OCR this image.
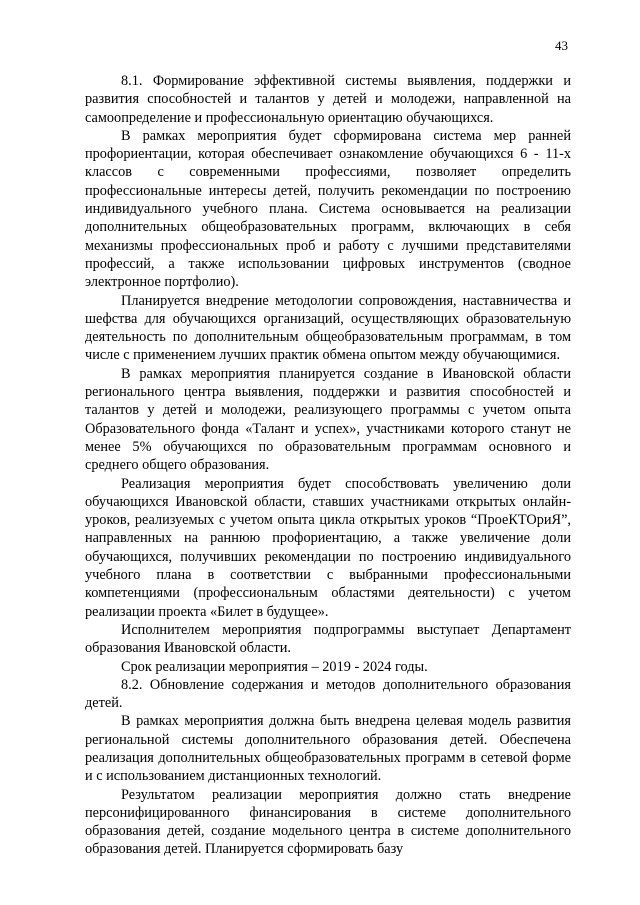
43

8.1. Формирование эффективной системы выявления, поддержки и развития способностей и талантов у детей и молодежи, направленной на самоопределение и профессиональную ориентацию обучающихся.

В рамках мероприятия будет сформирована система мер ранней профориентации, которая обеспечивает ознакомление обучающихся 6 - 11-х классов с современными профессиями, позволяет определить профессиональные интересы детей, получить рекомендации по построению индивидуального учебного плана. Система основывается на реализации дополнительных общеобразовательных программ, включающих в себя механизмы профессиональных проб и работу с лучшими представителями профессий, а также использовании цифровых инструментов (сводное электронное портфолио).

Планируется внедрение методологии сопровождения, наставничества и шефства для обучающихся организаций, осуществляющих образовательную деятельность по дополнительным общеобразовательным программам, в том числе с применением лучших практик обмена опытом между обучающимися.

В рамках мероприятия планируется создание в Ивановской области регионального центра выявления, поддержки и развития способностей и талантов у детей и молодежи, реализующего программы с учетом опыта Образовательного фонда «Талант и успех», участниками которого станут не менее 5% обучающихся по образовательным программам основного и среднего общего образования.

Реализация мероприятия будет способствовать увеличению доли обучающихся Ивановской области, ставших участниками открытых онлайн-уроков, реализуемых с учетом опыта цикла открытых уроков “ПроеКТОриЯ”, направленных на раннюю профориентацию, а также увеличение доли обучающихся, получивших рекомендации по построению индивидуального учебного плана в соответствии с выбранными профессиональными компетенциями (профессиональным областями деятельности) с учетом реализации проекта «Билет в будущее».

Исполнителем мероприятия подпрограммы выступает Департамент образования Ивановской области.

Срок реализации мероприятия – 2019 - 2024 годы.

8.2. Обновление содержания и методов дополнительного образования детей.

В рамках мероприятия должна быть внедрена целевая модель развития региональной системы дополнительного образования детей. Обеспечена реализация дополнительных общеобразовательных программ в сетевой форме и с использованием дистанционных технологий.

Результатом реализации мероприятия должно стать внедрение персонифицированного финансирования в системе дополнительного образования детей, создание модельного центра в системе дополнительного образования детей. Планируется сформировать базу
